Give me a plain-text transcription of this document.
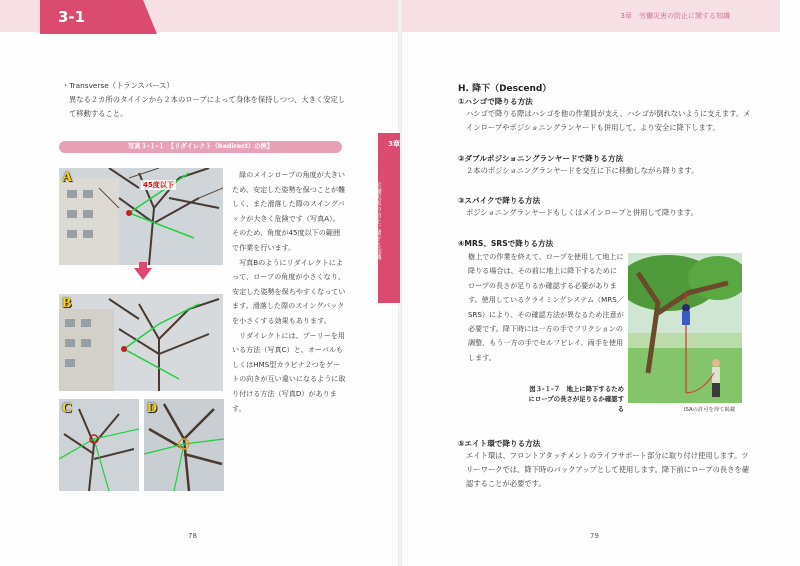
3-1	3章　労働災害の防止に関する知識
3章
労働災害の防止に関する知識
・Transverse（トランスバース）
異なる２カ所のタイインから２本のロープによって身体を保持しつつ、大きく安定して移動すること。
写真３-１-１　【リダイレクト（Redirect）の例】
A	45度以下
B
C	D

緑のメインロープの角度が大きいため、安定した姿勢を保つことが難しく、また滑落した際のスイングバックが大きく危険です（写真A）。そのため、角度が45度以下の範囲で作業を行います。

写真Bのようにリダイレクトによって、ロープの角度が小さくなり、安定した姿勢を保ちやすくなっています。滑落した際のスイングバックを小さくする効果もあります。

リダイレクトには、プーリーを用いる方法（写真C）と、オーバルもしくはHMS型カラビナ２つをゲートの向きが互い違いになるように取り付ける方法（写真D）があります。

78
H. 降下（Descend）
①ハシゴで降りる方法

ハシゴで降りる際はハシゴを他の作業員が支え、ハシゴが倒れないように支えます。メインロープやポジショニングランヤードも併用して、より安全に降下します。

②ダブルポジショニングランヤードで降りる方法

２本のポジショニングランヤードを交互に下に移動しながら降ります。

③スパイクで降りる方法

ポジショニングランヤードもしくはメインロープと併用して降ります。

④MRS、SRSで降りる方法

樹上での作業を終えて、ロープを使用して地上に降りる場合は、その前に地上に降下するためにロープの長さが足りるか確認する必要があります。使用しているクライミングシステム（MRS／SRS）により、その確認方法が異なるため注意が必要です。降下時には一方の手でフリクションの調整、もう一方の手でセルフビレイ、両手を使用します。

図３-１-７　地上に降下するためにロープの長さが足りるか確認する	ISAの許可を得て掲載
⑤エイト環で降りる方法

エイト環は、フロントアタッチメントのライフサポート部分に取り付け使用します。ツリーワークでは、降下時のバックアップとして使用します。降下前にロープの長さを確認することが必要です。

79
